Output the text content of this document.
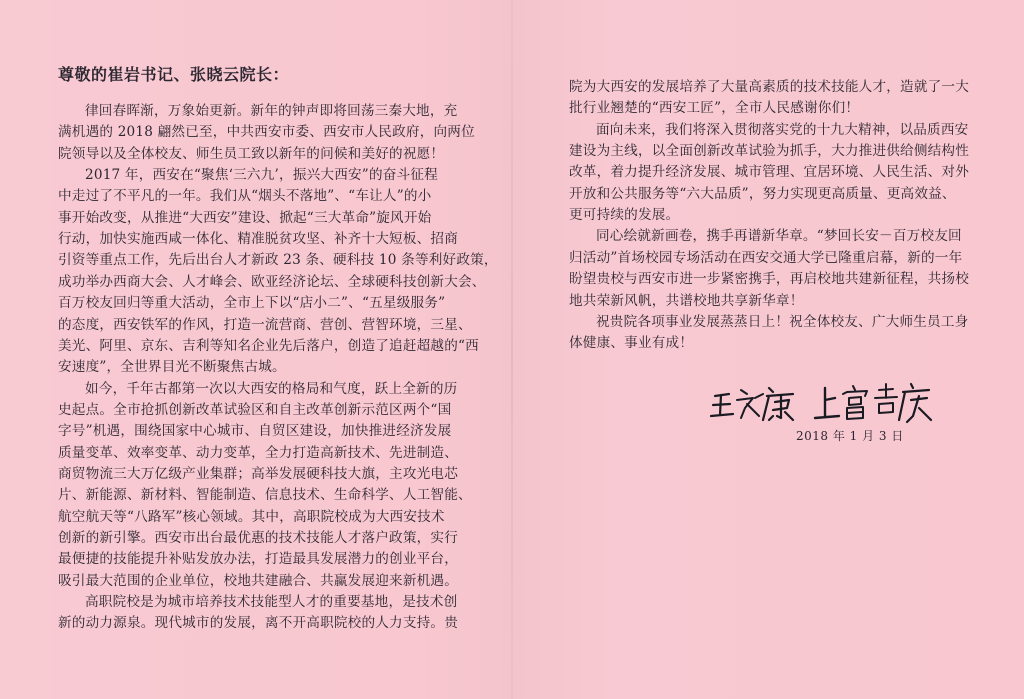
尊敬的崔岩书记、张晓云院长：
律回春晖渐，万象始更新。新年的钟声即将回荡三秦大地，充
满机遇的 2018 翩然已至，中共西安市委、西安市人民政府，向两位
院领导以及全体校友、师生员工致以新年的问候和美好的祝愿！
2017 年，西安在“聚焦‘三六九’，振兴大西安”的奋斗征程
中走过了不平凡的一年。我们从“烟头不落地”、“车让人”的小
事开始改变，从推进“大西安”建设、掀起“三大革命”旋风开始
行动，加快实施西咸一体化、精准脱贫攻坚、补齐十大短板、招商
引资等重点工作，先后出台人才新政 23 条、硬科技 10 条等利好政策，
成功举办西商大会、人才峰会、欧亚经济论坛、全球硬科技创新大会、
百万校友回归等重大活动，全市上下以“店小二”、“五星级服务”
的态度，西安铁军的作风，打造一流营商、营创、营智环境，三星、
美光、阿里、京东、吉利等知名企业先后落户，创造了追赶超越的“西
安速度”，全世界目光不断聚焦古城。
如今，千年古都第一次以大西安的格局和气度，跃上全新的历
史起点。全市抢抓创新改革试验区和自主改革创新示范区两个“国
字号”机遇，围绕国家中心城市、自贸区建设，加快推进经济发展
质量变革、效率变革、动力变革，全力打造高新技术、先进制造、
商贸物流三大万亿级产业集群；高举发展硬科技大旗，主攻光电芯
片、新能源、新材料、智能制造、信息技术、生命科学、人工智能、
航空航天等“八路军”核心领域。其中，高职院校成为大西安技术
创新的新引擎。西安市出台最优惠的技术技能人才落户政策，实行
最便捷的技能提升补贴发放办法，打造最具发展潜力的创业平台，
吸引最大范围的企业单位，校地共建融合、共赢发展迎来新机遇。
高职院校是为城市培养技术技能型人才的重要基地，是技术创
新的动力源泉。现代城市的发展，离不开高职院校的人力支持。贵
院为大西安的发展培养了大量高素质的技术技能人才，造就了一大
批行业翘楚的“西安工匠”，全市人民感谢你们！
面向未来，我们将深入贯彻落实党的十九大精神，以品质西安
建设为主线，以全面创新改革试验为抓手，大力推进供给侧结构性
改革，着力提升经济发展、城市管理、宜居环境、人民生活、对外
开放和公共服务等“六大品质”，努力实现更高质量、更高效益、
更可持续的发展。
同心绘就新画卷，携手再谱新华章。“梦回长安－百万校友回
归活动”首场校园专场活动在西安交通大学已隆重启幕，新的一年
盼望贵校与西安市进一步紧密携手，再启校地共建新征程，共扬校
地共荣新风帆，共谱校地共享新华章！
祝贵院各项事业发展蒸蒸日上！祝全体校友、广大师生员工身
体健康、事业有成！
2018 年 1 月 3 日
